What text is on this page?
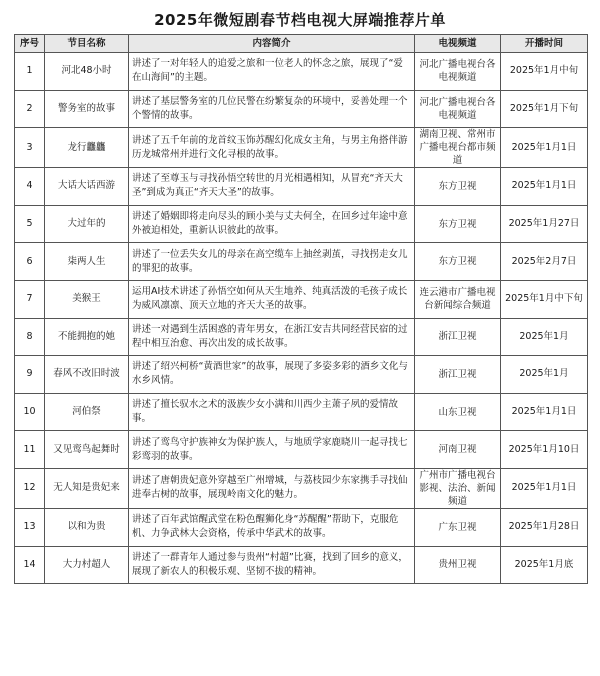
2025年微短剧春节档电视大屏端推荐片单
序号	节目名称	内容简介	电视频道	开播时间
1	河北48小时	讲述了一对年轻人的追爱之旅和一位老人的怀念之旅，展现了“爱在山海间”的主题。	河北广播电视台各电视频道	2025年1月中旬
2	警务室的故事	讲述了基层警务室的几位民警在纷繁复杂的环境中，妥善处理一个个警情的故事。	河北广播电视台各电视频道	2025年1月下旬
3	龙行龘龘	讲述了五千年前的龙首纹玉饰苏醒幻化成女主角，与男主角搭伴游历龙城常州并进行文化寻根的故事。	湖南卫视、常州市广播电视台都市频道	2025年1月1日
4	大话大话西游	讲述了至尊玉与寻找孙悟空转世的月光相遇相知，从冒充“齐天大圣”到成为真正“齐天大圣”的故事。	东方卫视	2025年1月1日
5	大过年的	讲述了婚姻即将走向尽头的顾小美与丈夫何全，在回乡过年途中意外被迫相处，重新认识彼此的故事。	东方卫视	2025年1月27日
6	柒两人生	讲述了一位丢失女儿的母亲在高空缆车上抽丝剥茧，寻找拐走女儿的罪犯的故事。	东方卫视	2025年2月7日
7	美猴王	运用AI技术讲述了孙悟空如何从天生地养、纯真活泼的毛孩子成长为威风凛凛、顶天立地的齐天大圣的故事。	连云港市广播电视台新闻综合频道	2025年1月中下旬
8	不能拥抱的她	讲述一对遇到生活困惑的青年男女，在浙江安吉共同经营民宿的过程中相互治愈、再次出发的成长故事。	浙江卫视	2025年1月
9	春风不改旧时波	讲述了绍兴柯桥“黄酒世家”的故事，展现了多姿多彩的酒乡文化与水乡风情。	浙江卫视	2025年1月
10	河伯祭	讲述了擅长驭水之术的汲族少女小满和川西少主萧子夙的爱情故事。	山东卫视	2025年1月1日
11	又见鸾鸟起舞时	讲述了鸾鸟守护族神女为保护族人，与地质学家鹿晓川一起寻找七彩鸾羽的故事。	河南卫视	2025年1月10日
12	无人知是贵妃来	讲述了唐朝贵妃意外穿越至广州增城，与荔枝园少东家携手寻找仙进奉古树的故事，展现岭南文化的魅力。	广州市广播电视台影视、法治、新闻频道	2025年1月1日
13	以和为贵	讲述了百年武馆醒武堂在粉色醒狮化身“苏醒醒”帮助下，克服危机、力争武林大会资格，传承中华武术的故事。	广东卫视	2025年1月28日
14	大力村超人	讲述了一群青年人通过参与贵州“村超”比赛，找到了回乡的意义，展现了新农人的积极乐观、坚韧不拔的精神。	贵州卫视	2025年1月底
